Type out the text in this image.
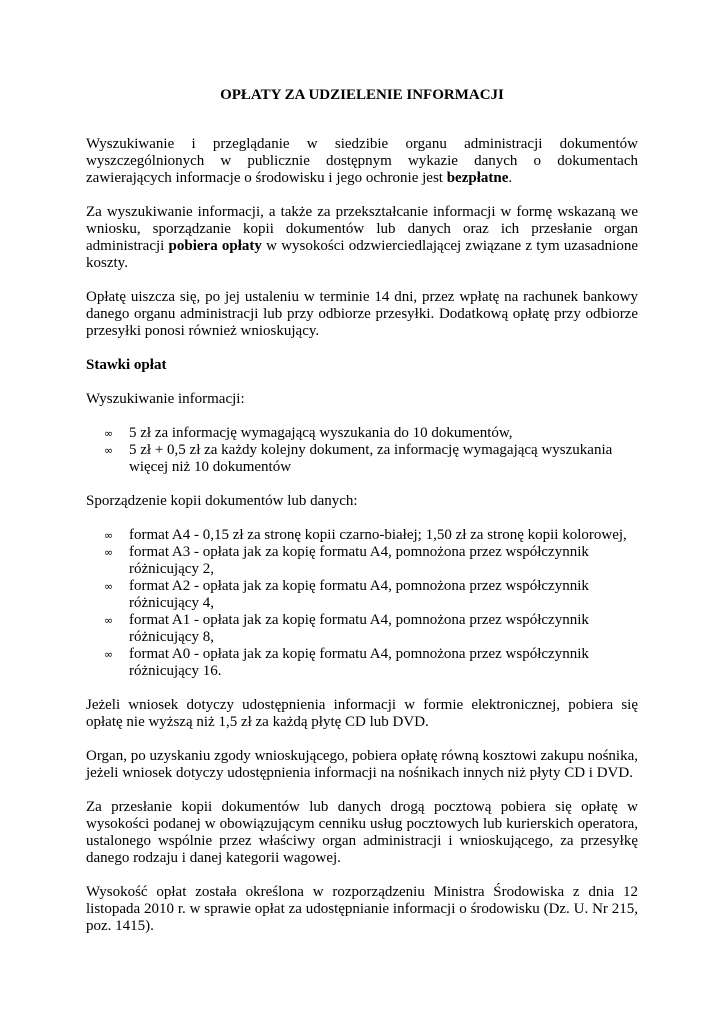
OPŁATY ZA UDZIELENIE INFORMACJI

Wyszukiwanie i przeglądanie w siedzibie organu administracji dokumentów wyszczególnionych w publicznie dostępnym wykazie danych o dokumentach zawierających informacje o środowisku i jego ochronie jest bezpłatne.

Za wyszukiwanie informacji, a także za przekształcanie informacji w formę wskazaną we wniosku, sporządzanie kopii dokumentów lub danych oraz ich przesłanie organ administracji pobiera opłaty w wysokości odzwierciedlającej związane z tym uzasadnione koszty.

Opłatę uiszcza się, po jej ustaleniu w terminie 14 dni, przez wpłatę na rachunek bankowy danego organu administracji lub przy odbiorze przesyłki. Dodatkową opłatę przy odbiorze przesyłki ponosi również wnioskujący.

Stawki opłat

Wyszukiwanie informacji:

∞ 5 zł za informację wymagającą wyszukania do 10 dokumentów,
∞ 5 zł + 0,5 zł za każdy kolejny dokument, za informację wymagającą wyszukania więcej niż 10 dokumentów

Sporządzenie kopii dokumentów lub danych:

∞ format A4 - 0,15 zł za stronę kopii czarno-białej; 1,50 zł za stronę kopii kolorowej,
∞ format A3 - opłata jak za kopię formatu A4, pomnożona przez współczynnik różnicujący 2,
∞ format A2 - opłata jak za kopię formatu A4, pomnożona przez współczynnik różnicujący 4,
∞ format A1 - opłata jak za kopię formatu A4, pomnożona przez współczynnik różnicujący 8,
∞ format A0 - opłata jak za kopię formatu A4, pomnożona przez współczynnik różnicujący 16.

Jeżeli wniosek dotyczy udostępnienia informacji w formie elektronicznej, pobiera się opłatę nie wyższą niż 1,5 zł za każdą płytę CD lub DVD.

Organ, po uzyskaniu zgody wnioskującego, pobiera opłatę równą kosztowi zakupu nośnika, jeżeli wniosek dotyczy udostępnienia informacji na nośnikach innych niż płyty CD i DVD.

Za przesłanie kopii dokumentów lub danych drogą pocztową pobiera się opłatę w wysokości podanej w obowiązującym cenniku usług pocztowych lub kurierskich operatora, ustalonego wspólnie przez właściwy organ administracji i wnioskującego, za przesyłkę danego rodzaju i danej kategorii wagowej.

Wysokość opłat została określona w rozporządzeniu Ministra Środowiska z dnia 12 listopada 2010 r. w sprawie opłat za udostępnianie informacji o środowisku (Dz. U. Nr 215, poz. 1415).
